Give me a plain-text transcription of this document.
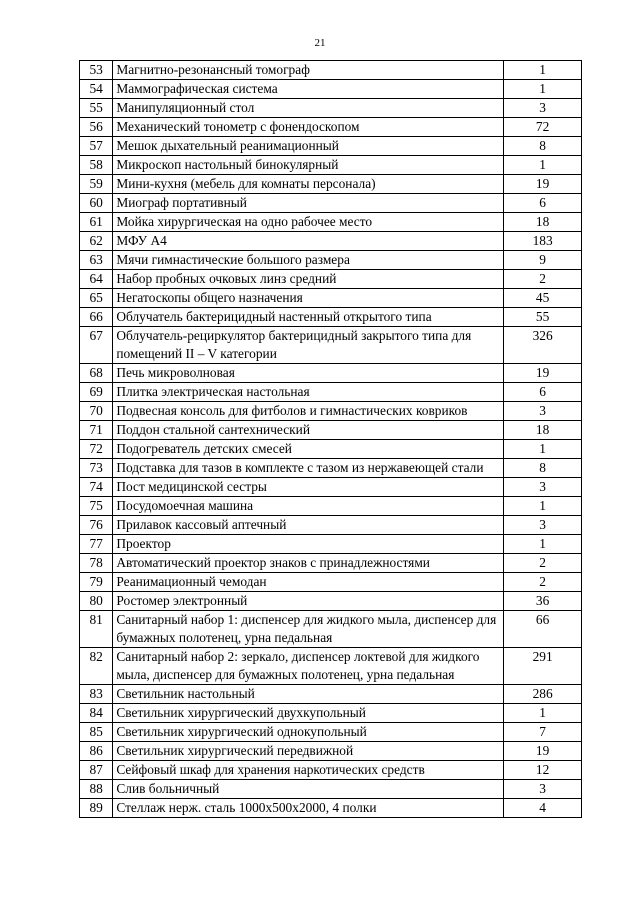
21
53	Магнитно-резонансный томограф	1
54	Маммографическая система	1
55	Манипуляционный стол	3
56	Механический тонометр с фонендоскопом	72
57	Мешок дыхательный реанимационный	8
58	Микроскоп настольный бинокулярный	1
59	Мини-кухня (мебель для комнаты персонала)	19
60	Миограф портативный	6
61	Мойка хирургическая на одно рабочее место	18
62	МФУ А4	183
63	Мячи гимнастические большого размера	9
64	Набор пробных очковых линз средний	2
65	Негатоскопы общего назначения	45
66	Облучатель бактерицидный настенный открытого типа	55
67	Облучатель-рециркулятор бактерицидный закрытого типа для помещений II – V категории	326
68	Печь микроволновая	19
69	Плитка электрическая настольная	6
70	Подвесная консоль для фитболов и гимнастических ковриков	3
71	Поддон стальной сантехнический	18
72	Подогреватель детских смесей	1
73	Подставка для тазов в комплекте с тазом из нержавеющей стали	8
74	Пост медицинской сестры	3
75	Посудомоечная машина	1
76	Прилавок кассовый аптечный	3
77	Проектор	1
78	Автоматический проектор знаков с принадлежностями	2
79	Реанимационный чемодан	2
80	Ростомер электронный	36
81	Санитарный набор 1: диспенсер для жидкого мыла, диспенсер для бумажных полотенец, урна педальная	66
82	Санитарный набор 2: зеркало, диспенсер локтевой для жидкого мыла, диспенсер для бумажных полотенец, урна педальная	291
83	Светильник настольный	286
84	Светильник хирургический двухкупольный	1
85	Светильник хирургический однокупольный	7
86	Светильник хирургический передвижной	19
87	Сейфовый шкаф для хранения наркотических средств	12
88	Слив больничный	3
89	Стеллаж нерж. сталь 1000х500х2000, 4 полки	4
